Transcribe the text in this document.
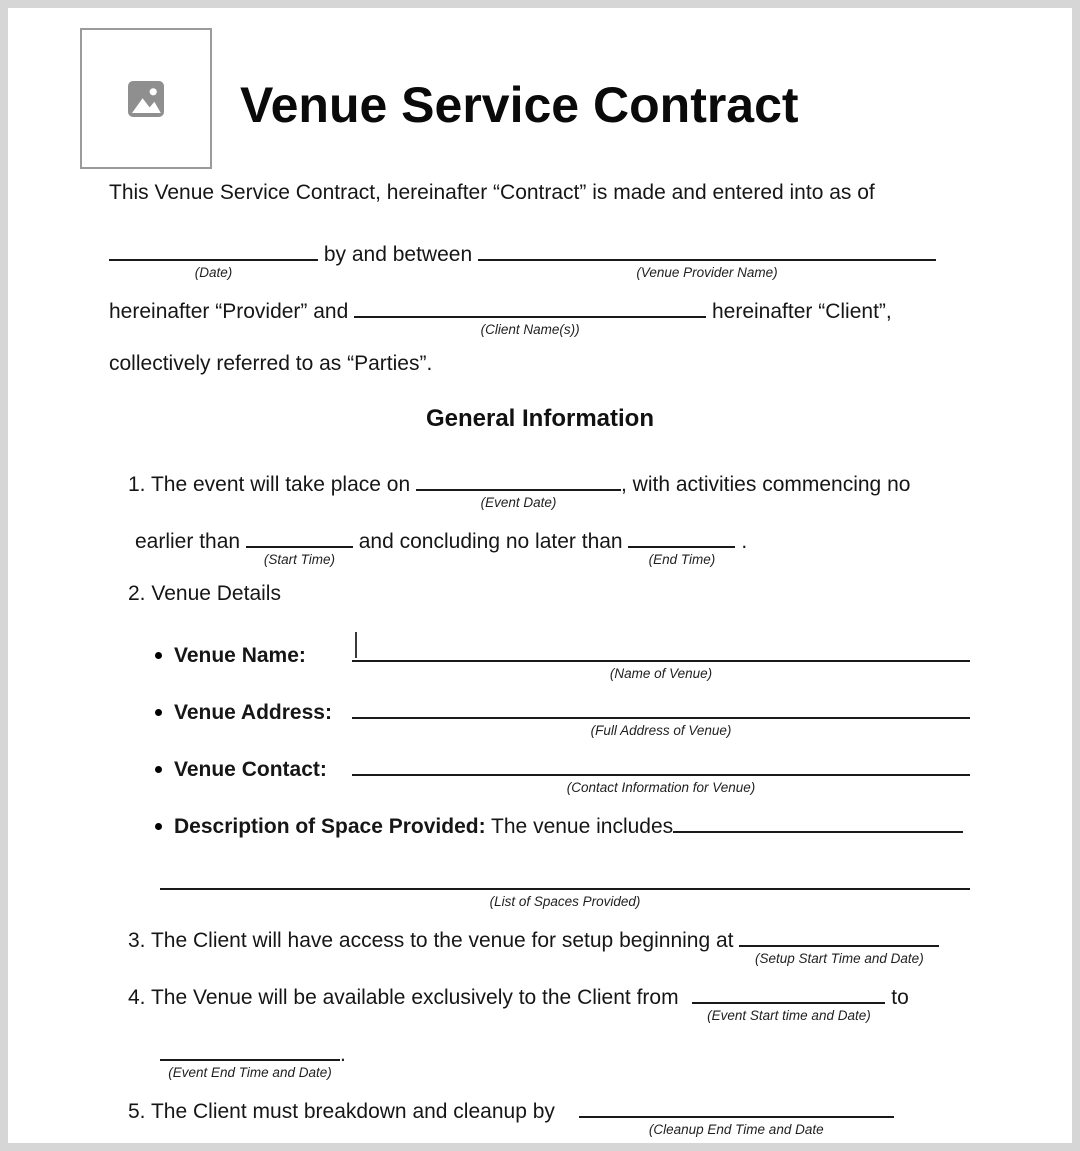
Venue Service Contract
This Venue Service Contract, hereinafter “Contract” is made and entered into as of
(Date)
by and between
(Venue Provider Name)
hereinafter “Provider” and
(Client Name(s))
hereinafter “Client”,
collectively referred to as “Parties”.
General Information
1. The event will take place on
(Event Date)
, with activities commencing no
earlier than
(Start Time)
and concluding no later than
(End Time)
.
2. Venue Details
Venue Name:
(Name of Venue)
Venue Address:
(Full Address of Venue)
Venue Contact:
(Contact Information for Venue)
Description of Space Provided: The venue includes
(List of Spaces Provided)
3. The Client will have access to the venue for setup beginning at
(Setup Start Time and Date)
4. The Venue will be available exclusively to the Client from
(Event Start time and Date)
to
(Event End Time and Date)
.
5. The Client must breakdown and cleanup by
(Cleanup End Time and Date
